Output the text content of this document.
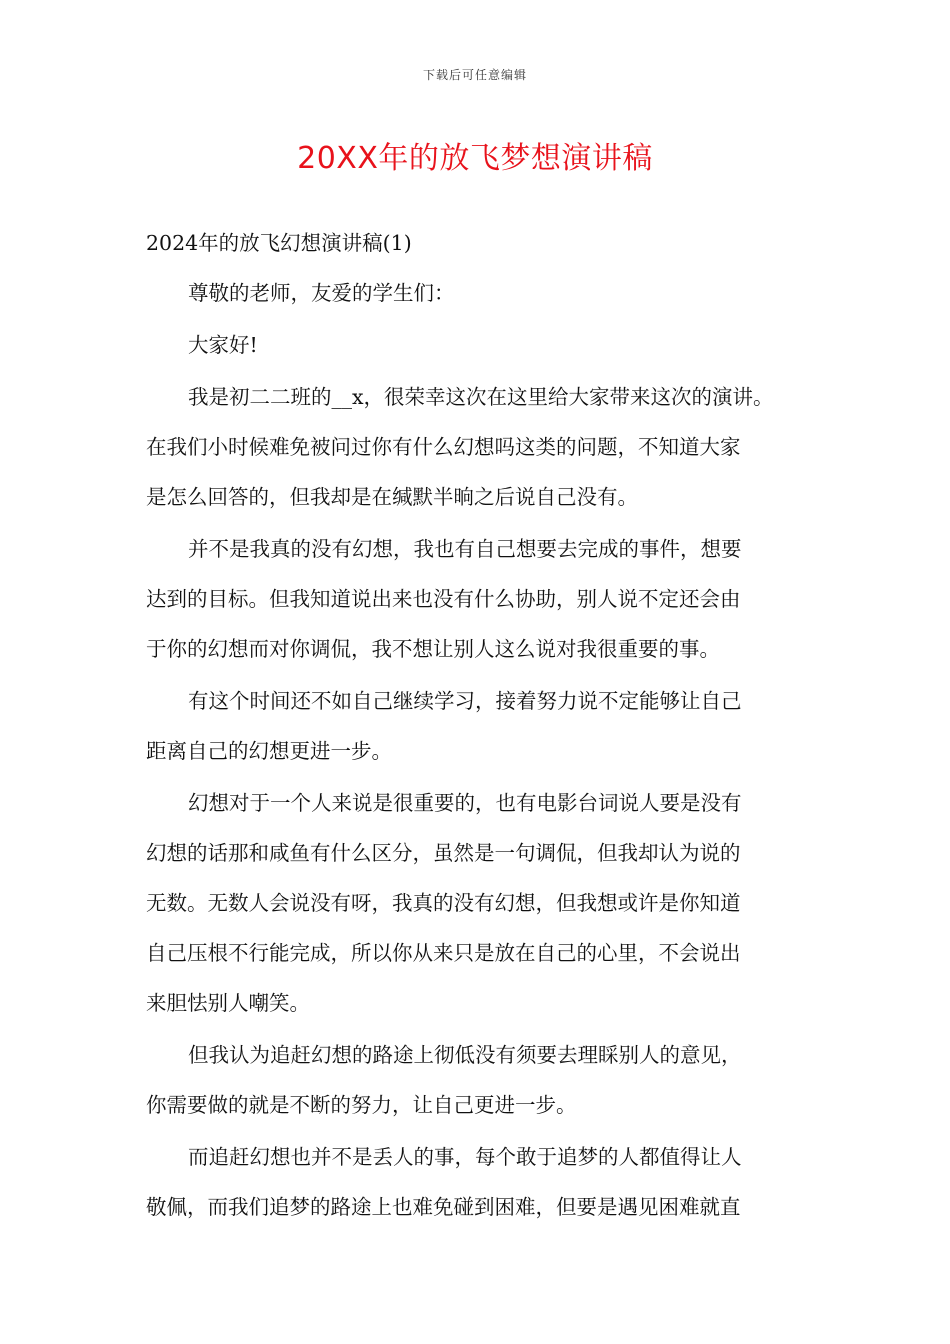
下载后可任意编辑
20XX年的放飞梦想演讲稿
2024年的放飞幻想演讲稿(1)
尊敬的老师，友爱的学生们：
大家好!
我是初二二班的__x，很荣幸这次在这里给大家带来这次的演讲。
在我们小时候难免被问过你有什么幻想吗这类的问题，不知道大家
是怎么回答的，但我却是在缄默半晌之后说自己没有。
并不是我真的没有幻想，我也有自己想要去完成的事件，想要
达到的目标。但我知道说出来也没有什么协助，别人说不定还会由
于你的幻想而对你调侃，我不想让别人这么说对我很重要的事。
有这个时间还不如自己继续学习，接着努力说不定能够让自己
距离自己的幻想更进一步。
幻想对于一个人来说是很重要的，也有电影台词说人要是没有
幻想的话那和咸鱼有什么区分，虽然是一句调侃，但我却认为说的
无数。无数人会说没有呀，我真的没有幻想，但我想或许是你知道
自己压根不行能完成，所以你从来只是放在自己的心里，不会说出
来胆怯别人嘲笑。
但我认为追赶幻想的路途上彻低没有须要去理睬别人的意见，
你需要做的就是不断的努力，让自己更进一步。
而追赶幻想也并不是丢人的事，每个敢于追梦的人都值得让人
敬佩，而我们追梦的路途上也难免碰到困难，但要是遇见困难就直
